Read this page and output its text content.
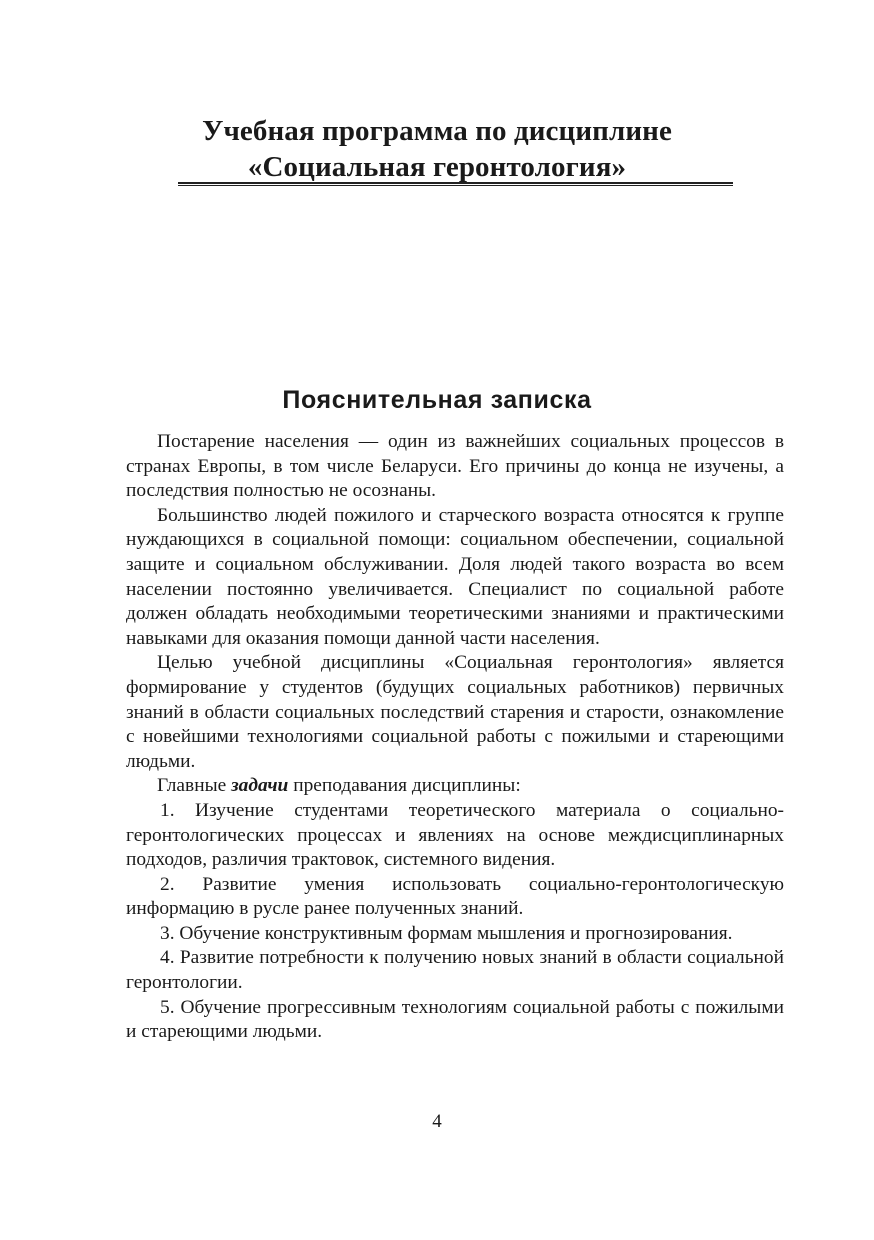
Учебная программа по дисциплине
«Социальная геронтология»
Пояснительная записка

Постарение населения — один из важнейших социальных процессов в странах Европы, в том числе Беларуси. Его причины до конца не изучены, а последствия полностью не осознаны.

Большинство людей пожилого и старческого возраста относятся к группе нуждающихся в социальной помощи: социальном обеспечении, социальной защите и социальном обслуживании. Доля людей такого возраста во всем населении постоянно увеличивается. Специалист по социальной работе должен обладать необходимыми теоретическими знаниями и практическими навыками для оказания помощи данной части населения.

Целью учебной дисциплины «Социальная геронтология» является формирование у студентов (будущих социальных работников) первичных знаний в области социальных последствий старения и старости, ознакомление с новейшими технологиями социальной работы с пожилыми и стареющими людьми.

Главные задачи преподавания дисциплины:

1. Изучение студентами теоретического материала о социально-геронтологических процессах и явлениях на основе междисциплинарных подходов, различия трактовок, системного видения.

2. Развитие умения использовать социально-геронтологическую информацию в русле ранее полученных знаний.

3. Обучение конструктивным формам мышления и прогнозирования.

4. Развитие потребности к получению новых знаний в области социальной геронтологии.

5. Обучение прогрессивным технологиям социальной работы с пожилыми и стареющими людьми.

4
